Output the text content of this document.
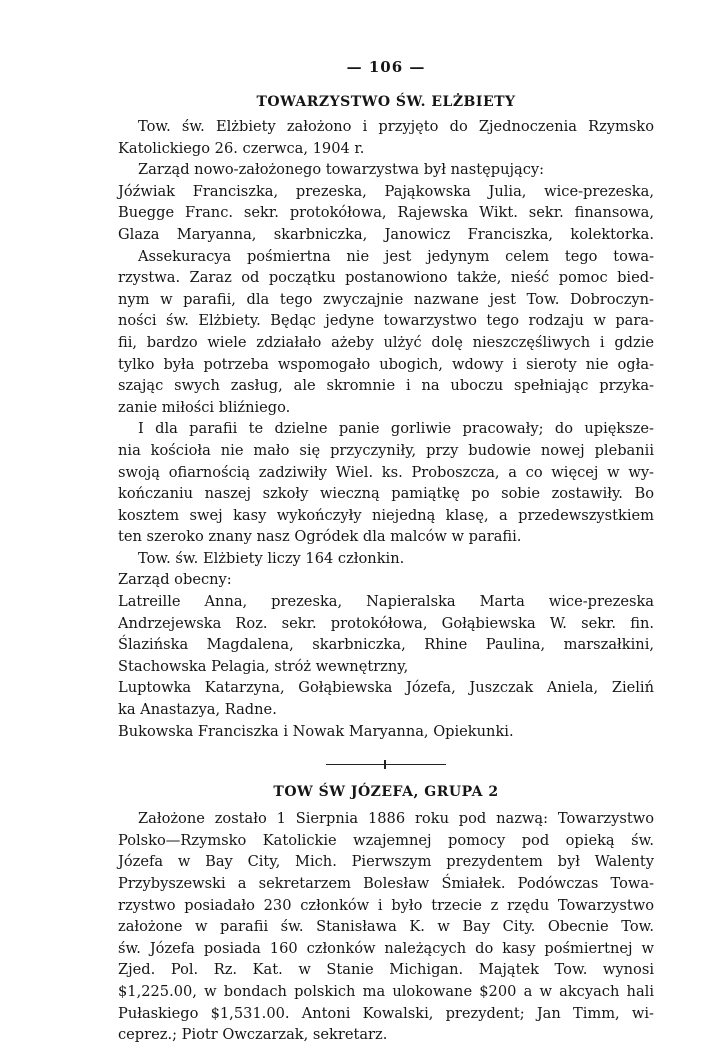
— 106 —
TOWARZYSTWO ŚW. ELŻBIETY
Tow. św. Elżbiety założono i przyjęto do Zjednoczenia Rzymsko
Katolickiego 26. czerwca, 1904 r.
Zarząd nowo-założonego towarzystwa był następujący:
Jóźwiak Franciszka, prezeska, Pająkowska Julia, wice-prezeska,
Buegge Franc. sekr. protokółowa, Rajewska Wikt. sekr. finansowa,
Glaza Maryanna, skarbniczka, Janowicz Franciszka, kolektorka.
Assekuracya pośmiertna nie jest jedynym celem tego towa-
rzystwa. Zaraz od początku postanowiono także, nieść pomoc bied-
nym w parafii, dla tego zwyczajnie nazwane jest Tow. Dobroczyn-
ności św. Elżbiety. Będąc jedyne towarzystwo tego rodzaju w para-
fii, bardzo wiele zdziałało ażeby ulżyć dolę nieszczęśliwych i gdzie
tylko była potrzeba wspomogało ubogich, wdowy i sieroty nie ogła-
szając swych zasług, ale skromnie i na uboczu spełniając przyka-
zanie miłości bliźniego.
I dla parafii te dzielne panie gorliwie pracowały; do upiększe-
nia kościoła nie mało się przyczyniły, przy budowie nowej plebanii
swoją ofiarnością zadziwiły Wiel. ks. Proboszcza, a co więcej w wy-
kończaniu naszej szkoły wieczną pamiątkę po sobie zostawiły. Bo
kosztem swej kasy wykończyły niejedną klasę, a przedewszystkiem
ten szeroko znany nasz Ogródek dla malców w parafii.
Tow. św. Elżbiety liczy 164 członkin.
Zarząd obecny:
Latreille Anna, prezeska, Napieralska Marta wice-prezeska
Andrzejewska Roz. sekr. protokółowa, Gołąbiewska W. sekr. fin.
Ślazińska Magdalena, skarbniczka, Rhine Paulina, marszałkini,
Stachowska Pelagia, stróż wewnętrzny,
Luptowka Katarzyna, Gołąbiewska Józefa, Juszczak Aniela, Zieliń
ka Anastazya, Radne.
Bukowska Franciszka i Nowak Maryanna, Opiekunki.
TOW ŚW JÓZEFA, GRUPA 2
Założone zostało 1 Sierpnia 1886 roku pod nazwą: Towarzystwo
Polsko—Rzymsko Katolickie wzajemnej pomocy pod opieką św.
Józefa w Bay City, Mich. Pierwszym prezydentem był Walenty
Przybyszewski a sekretarzem Bolesław Śmiałek. Podówczas Towa-
rzystwo posiadało 230 członków i było trzecie z rzędu Towarzystwo
założone w parafii św. Stanisława K. w Bay City. Obecnie Tow.
św. Józefa posiada 160 członków należących do kasy pośmiertnej w
Zjed. Pol. Rz. Kat. w Stanie Michigan. Majątek Tow. wynosi
$1,225.00, w bondach polskich ma ulokowane $200 a w akcyach hali
Pułaskiego $1,531.00. Antoni Kowalski, prezydent; Jan Timm, wi-
ceprez.; Piotr Owczarzak, sekretarz.
